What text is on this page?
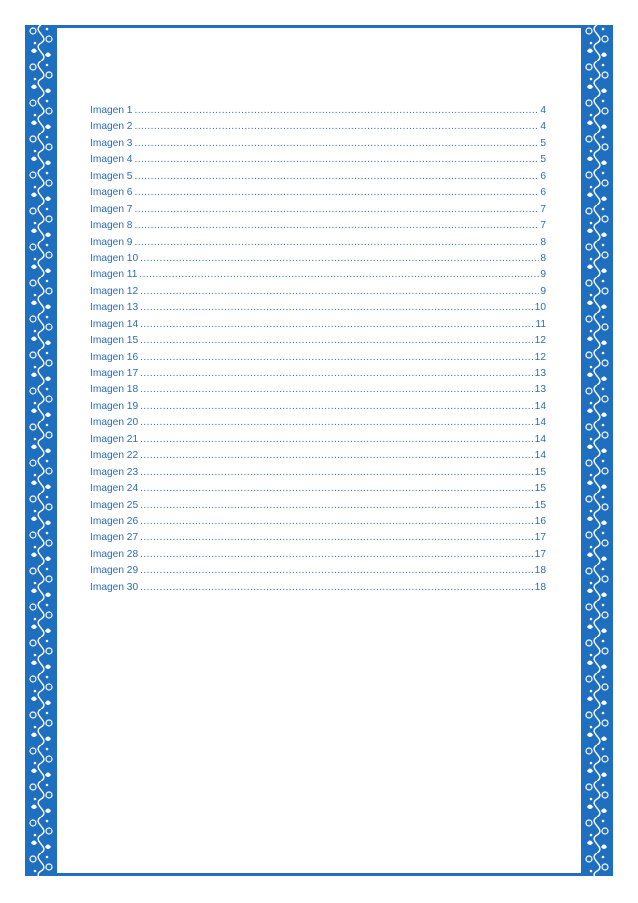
Imagen 1 .....	4
Imagen 2 .....	4
Imagen 3 .....	5
Imagen 4 .....	5
Imagen 5 .....	6
Imagen 6 .....	6
Imagen 7 .....	7
Imagen 8 .....	7
Imagen 9 .....	8
Imagen 10 .....	8
Imagen 11 .....	9
Imagen 12 .....	9
Imagen 13 .....	10
Imagen 14 .....	11
Imagen 15 .....	12
Imagen 16 .....	12
Imagen 17 .....	13
Imagen 18 .....	13
Imagen 19 .....	14
Imagen 20 .....	14
Imagen 21 .....	14
Imagen 22 .....	14
Imagen 23 .....	15
Imagen 24 .....	15
Imagen 25 .....	15
Imagen 26 .....	16
Imagen 27 .....	17
Imagen 28 .....	17
Imagen 29 .....	18
Imagen 30 .....	18
